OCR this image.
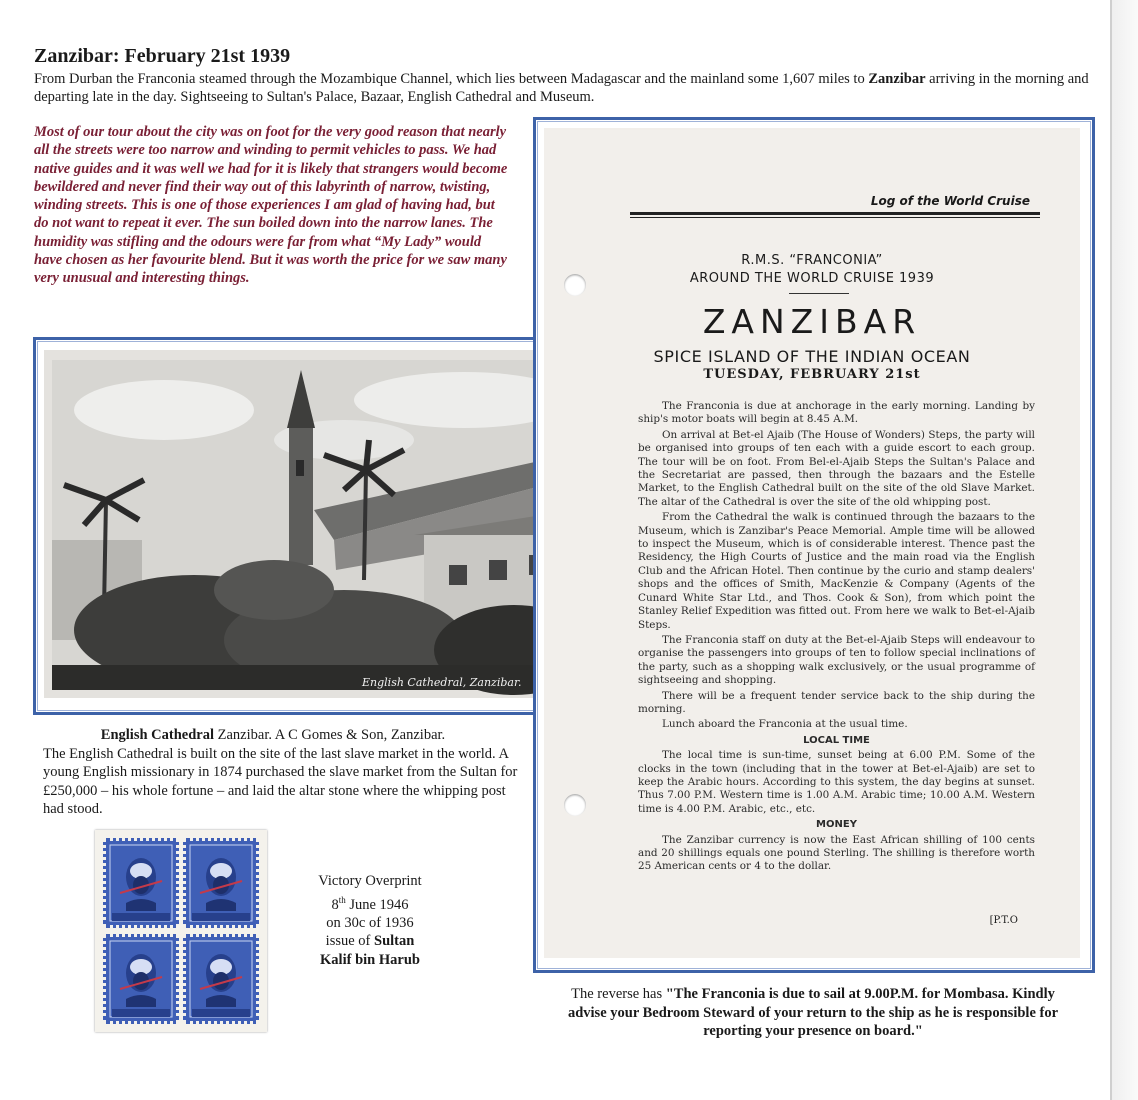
Zanzibar: February 21st 1939

From Durban the Franconia steamed through the Mozambique Channel, which lies between Madagascar and the mainland some 1,607 miles to Zanzibar arriving in the morning and departing late in the day. Sightseeing to Sultan's Palace, Bazaar, English Cathedral and Museum.

Most of our tour about the city was on foot for the very good reason that nearly all the streets were too narrow and winding to permit vehicles to pass. We had native guides and it was well we had for it is likely that strangers would become bewildered and never find their way out of this labyrinth of narrow, twisting, winding streets. This is one of those experiences I am glad of having had, but do not want to repeat it ever. The sun boiled down into the narrow lanes. The humidity was stifling and the odours were far from what “My Lady” would have chosen as her favourite blend. But it was worth the price for we saw many very unusual and interesting things.

English Cathedral, Zanzibar.

English Cathedral Zanzibar. A C Gomes & Son, Zanzibar.
The English Cathedral is built on the site of the last slave market in the world. A young English missionary in 1874 purchased the slave market from the Sultan for £250,000 – his whole fortune – and laid the altar stone where the whipping post had stood.

Victory Overprint
8th June 1946
on 30c of 1936
issue of Sultan
Kalif bin Harub

Log of the World Cruise
R.M.S. “FRANCONIA”
AROUND THE WORLD CRUISE 1939
ZANZIBAR
SPICE ISLAND OF THE INDIAN OCEAN
TUESDAY, FEBRUARY 21st

The Franconia is due at anchorage in the early morning. Landing by ship's motor boats will begin at 8.45 A.M.

On arrival at Bet-el Ajaib (The House of Wonders) Steps, the party will be organised into groups of ten each with a guide escort to each group. The tour will be on foot. From Bel-el-Ajaib Steps the Sultan's Palace and the Secretariat are passed, then through the bazaars and the Estelle Market, to the English Cathedral built on the site of the old Slave Market. The altar of the Cathedral is over the site of the old whipping post.

From the Cathedral the walk is continued through the bazaars to the Museum, which is Zanzibar's Peace Memorial. Ample time will be allowed to inspect the Museum, which is of considerable interest. Thence past the Residency, the High Courts of Justice and the main road via the English Club and the African Hotel. Then continue by the curio and stamp dealers' shops and the offices of Smith, MacKenzie & Company (Agents of the Cunard White Star Ltd., and Thos. Cook & Son), from which point the Stanley Relief Expedition was fitted out. From here we walk to Bet-el-Ajaib Steps.

The Franconia staff on duty at the Bet-el-Ajaib Steps will endeavour to organise the passengers into groups of ten to follow special inclinations of the party, such as a shopping walk exclusively, or the usual programme of sightseeing and shopping.

There will be a frequent tender service back to the ship during the morning.

Lunch aboard the Franconia at the usual time.

LOCAL TIME

The local time is sun-time, sunset being at 6.00 P.M. Some of the clocks in the town (including that in the tower at Bet-el-Ajaib) are set to keep the Arabic hours. According to this system, the day begins at sunset. Thus 7.00 P.M. Western time is 1.00 A.M. Arabic time; 10.00 A.M. Western time is 4.00 P.M. Arabic, etc., etc.

MONEY

The Zanzibar currency is now the East African shilling of 100 cents and 20 shillings equals one pound Sterling. The shilling is therefore worth 25 American cents or 4 to the dollar.

[P.T.O

The reverse has "The Franconia is due to sail at 9.00P.M. for Mombasa. Kindly advise your Bedroom Steward of your return to the ship as he is responsible for reporting your presence on board."
